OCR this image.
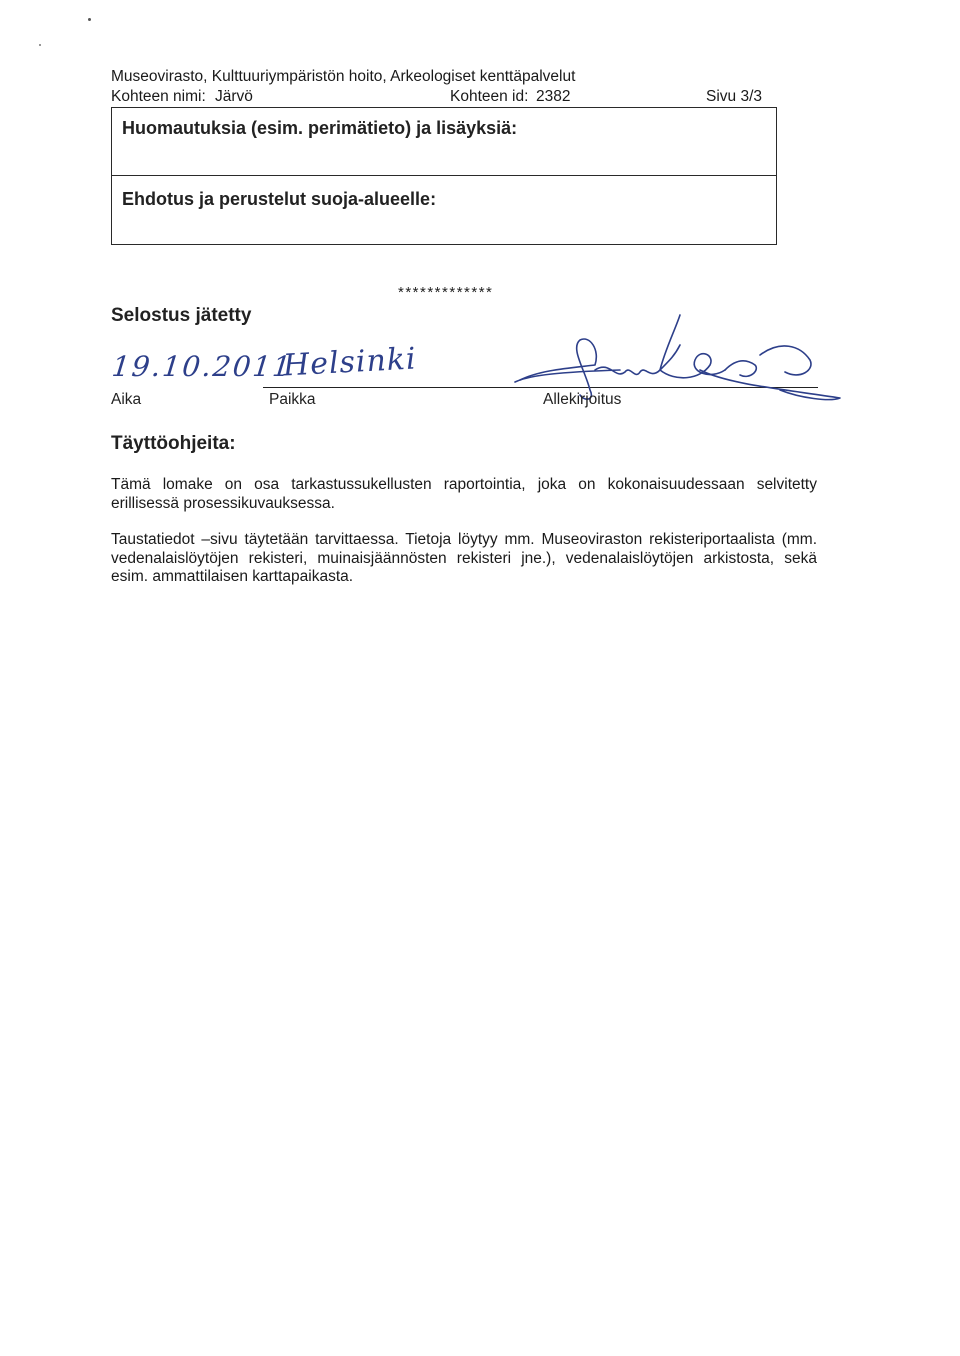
Museovirasto, Kulttuuriympäristön hoito, Arkeologiset kenttäpalvelut
Kohteen nimi: Järvö	Kohteen id: 2382	Sivu 3/3
Huomautuksia (esim. perimätieto) ja lisäyksiä:
Ehdotus ja perustelut suoja-alueelle:
*************
Selostus jätetty
19.10.2011
Helsinki
Aika	Paikka	Allekirjoitus
Täyttöohjeita:

Tämä lomake on osa tarkastussukellusten raportointia, joka on kokonaisuudessaan selvitetty erillisessä prosessikuvauksessa.

Taustatiedot –sivu täytetään tarvittaessa. Tietoja löytyy mm. Museoviraston rekisteriportaalista (mm. vedenalaislöytöjen rekisteri, muinaisjäännösten rekisteri jne.), vedenalaislöytöjen arkistosta, sekä esim. ammattilaisen karttapaikasta.
